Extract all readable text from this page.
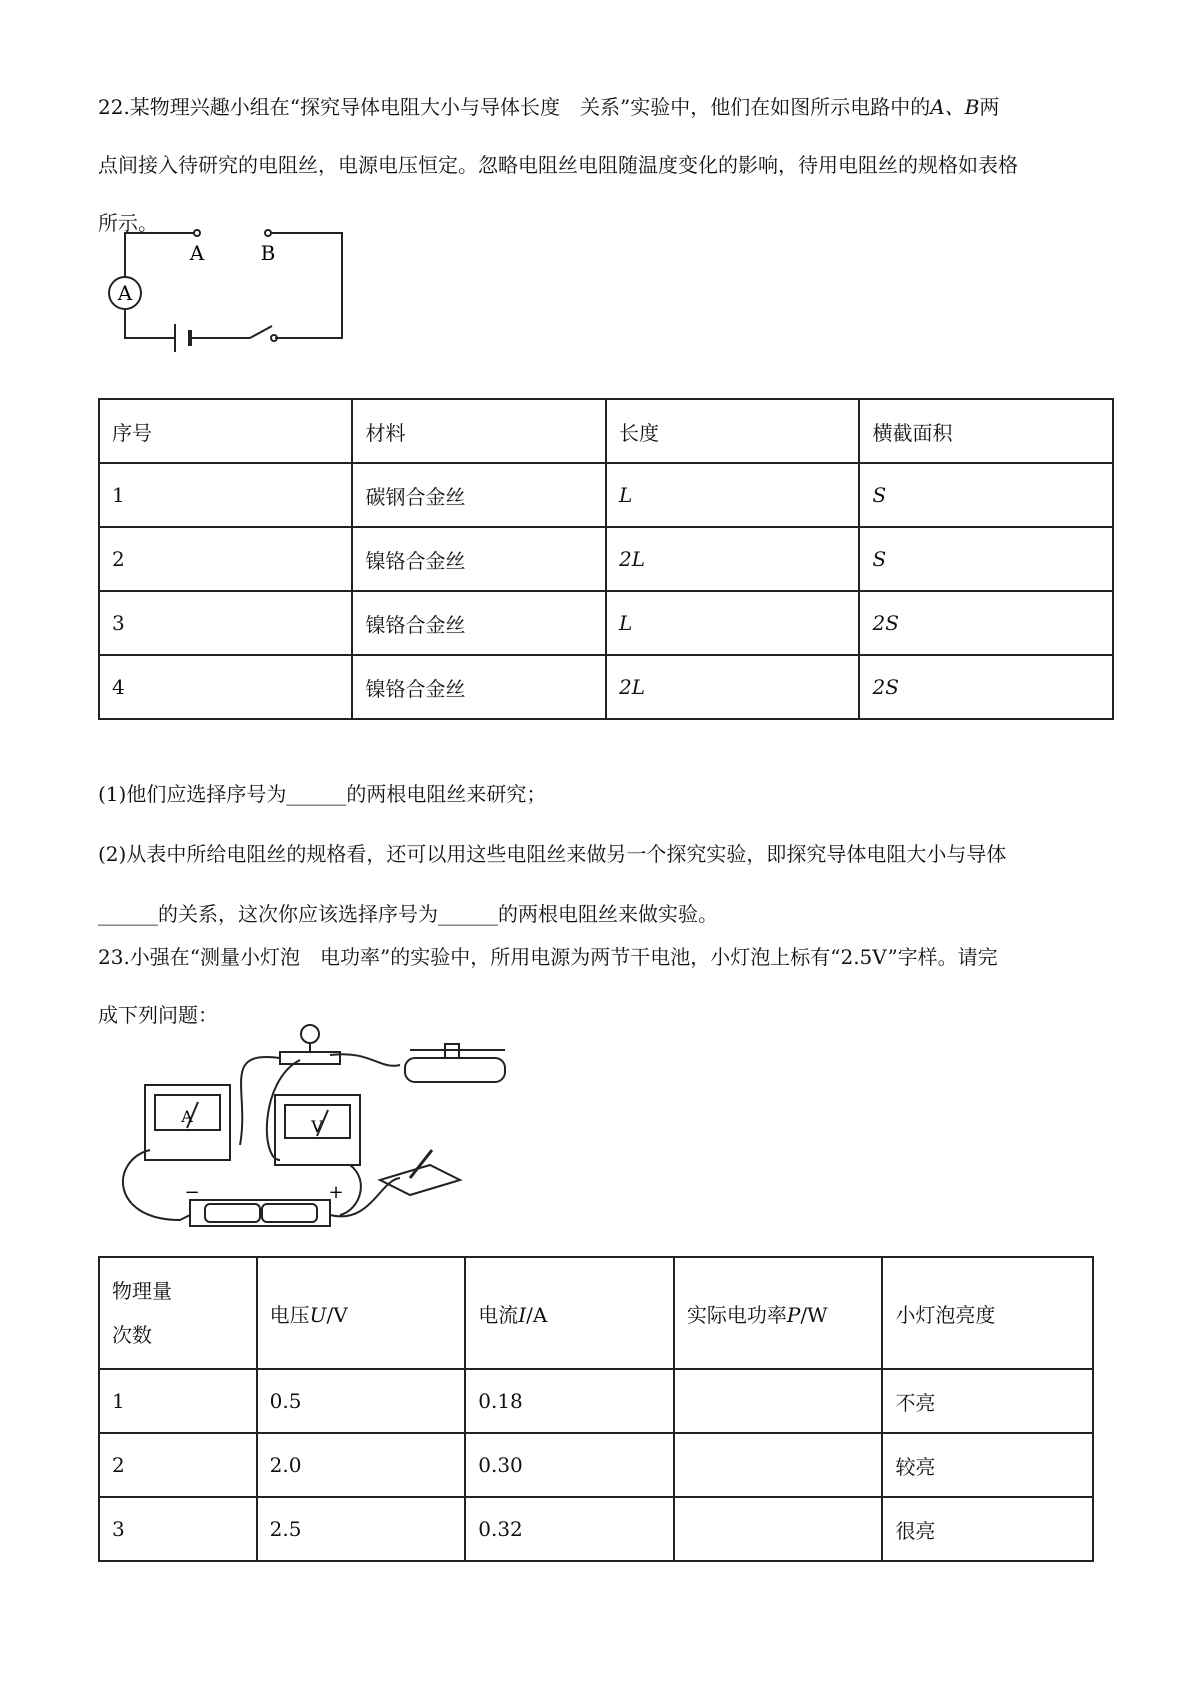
22.某物理兴趣小组在“探究导体电阻大小与导体长度　关系”实验中，他们在如图所示电路中的A、B两

点间接入待研究的电阻丝，电源电压恒定。忽略电阻丝电阻随温度变化的影响，待用电阻丝的规格如表格

所示。

A
A	B
序号	材料	长度	横截面积
1	碳钢合金丝	L	S
2	镍铬合金丝	2L	S
3	镍铬合金丝	L	2S
4	镍铬合金丝	2L	2S

(1)他们应选择序号为______的两根电阻丝来研究；

(2)从表中所给电阻丝的规格看，还可以用这些电阻丝来做另一个探究实验，即探究导体电阻大小与导体

______的关系，这次你应该选择序号为______的两根电阻丝来做实验。

23.小强在“测量小灯泡　电功率”的实验中，所用电源为两节干电池，小灯泡上标有“2.5V”字样。请完

成下列问题：

A
V
−	+
物理量
次数	电压U/V	电流I/A	实际电功率P/W	小灯泡亮度
1	0.5	0.18		不亮
2	2.0	0.30		较亮
3	2.5	0.32		很亮
